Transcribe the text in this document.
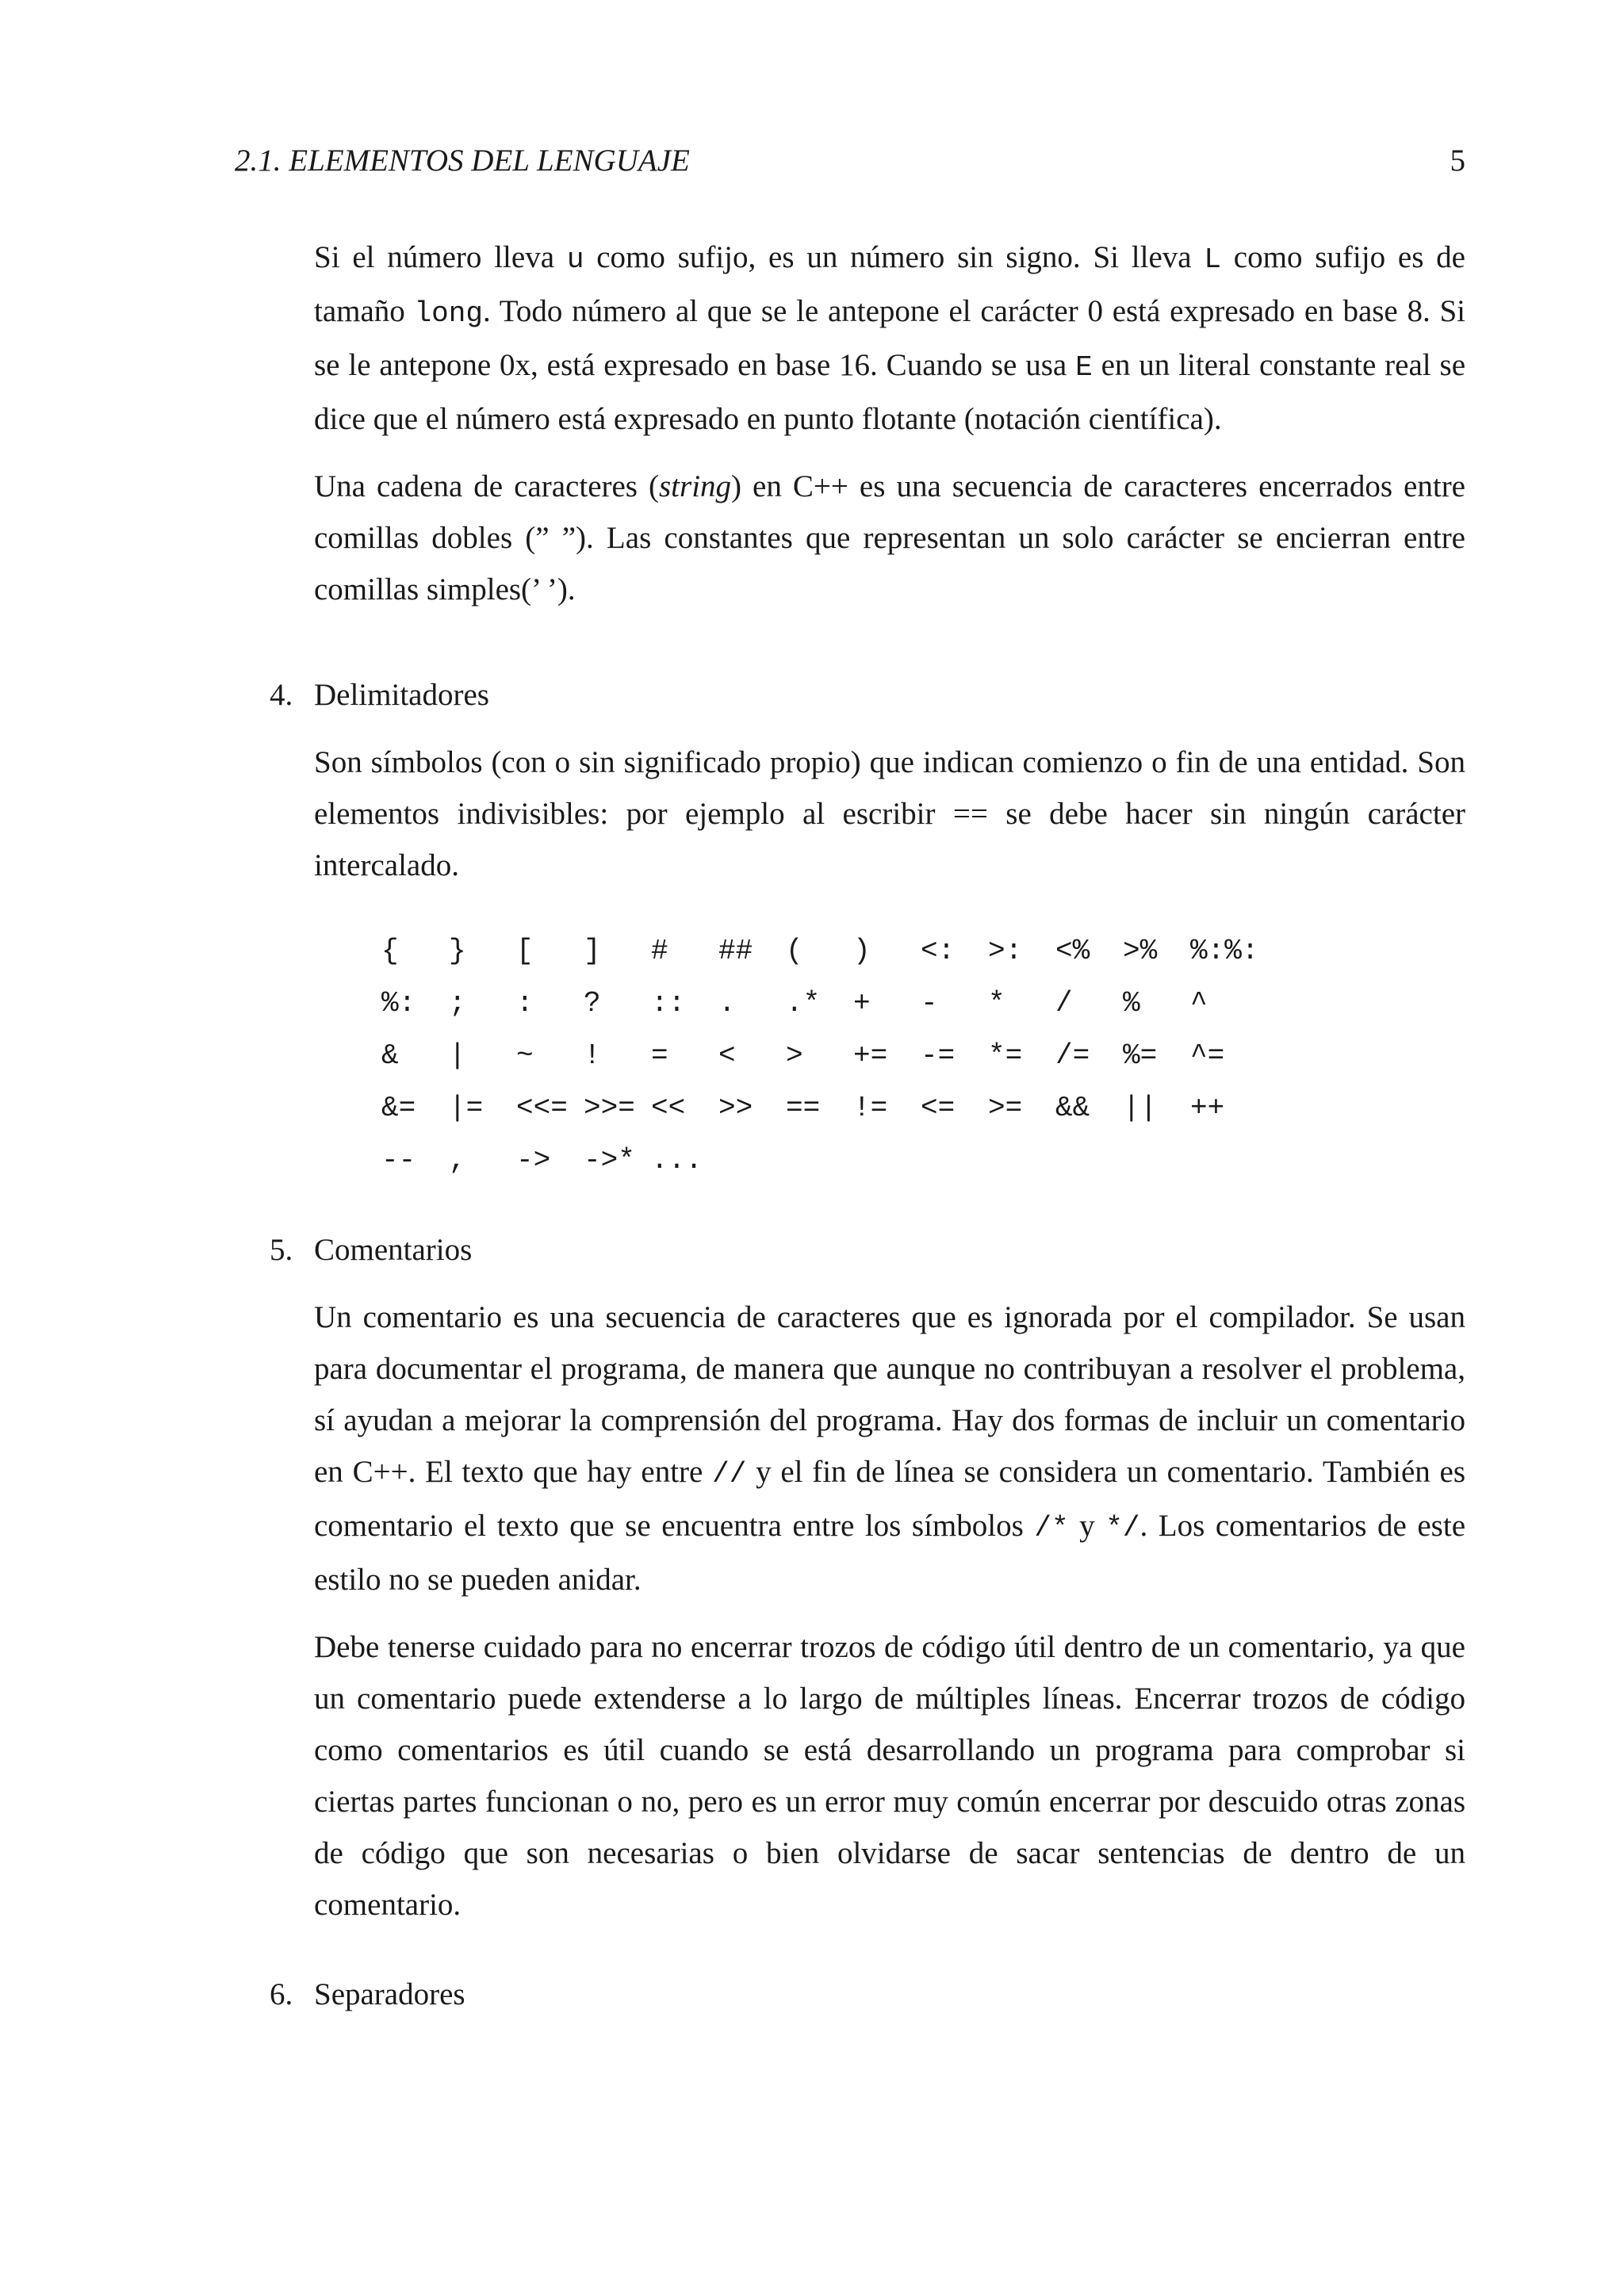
2.1. ELEMENTOS DEL LENGUAJE	5

Si el número lleva u como sufijo, es un número sin signo. Si lleva L como sufijo es de tamaño long. Todo número al que se le antepone el carácter 0 está expresado en base 8. Si se le antepone 0x, está expresado en base 16. Cuando se usa E en un literal constante real se dice que el número está expresado en punto flotante (notación científica).

Una cadena de caracteres (string) en C++ es una secuencia de caracteres encerrados entre comillas dobles (” ”). Las constantes que representan un solo carácter se encierran entre comillas simples(’ ’).

4. Delimitadores

Son símbolos (con o sin significado propio) que indican comienzo o fin de una entidad. Son elementos indivisibles: por ejemplo al escribir == se debe hacer sin ningún carácter intercalado.

{	}	[	]	#	##	(	)	<:	>:	<%	>%	%:%:
%:	;	:	?	::	.	.*	+	-	*	/	%	^
&	|	~	!	=	<	>	+=	-=	*=	/=	%=	^=
&=	|=	<<= >>= <<	>>	==	!=	<=	>=	&&	||	++
--	,	->	->* ...
5. Comentarios

Un comentario es una secuencia de caracteres que es ignorada por el compilador. Se usan para documentar el programa, de manera que aunque no contribuyan a resolver el problema, sí ayudan a mejorar la comprensión del programa. Hay dos formas de incluir un comentario en C++. El texto que hay entre // y el fin de línea se considera un comentario. También es comentario el texto que se encuentra entre los símbolos /* y */. Los comentarios de este estilo no se pueden anidar.

Debe tenerse cuidado para no encerrar trozos de código útil dentro de un comentario, ya que un comentario puede extenderse a lo largo de múltiples líneas. Encerrar trozos de código como comentarios es útil cuando se está desarrollando un programa para comprobar si ciertas partes funcionan o no, pero es un error muy común encerrar por descuido otras zonas de código que son necesarias o bien olvidarse de sacar sentencias de dentro de un comentario.

6. Separadores
